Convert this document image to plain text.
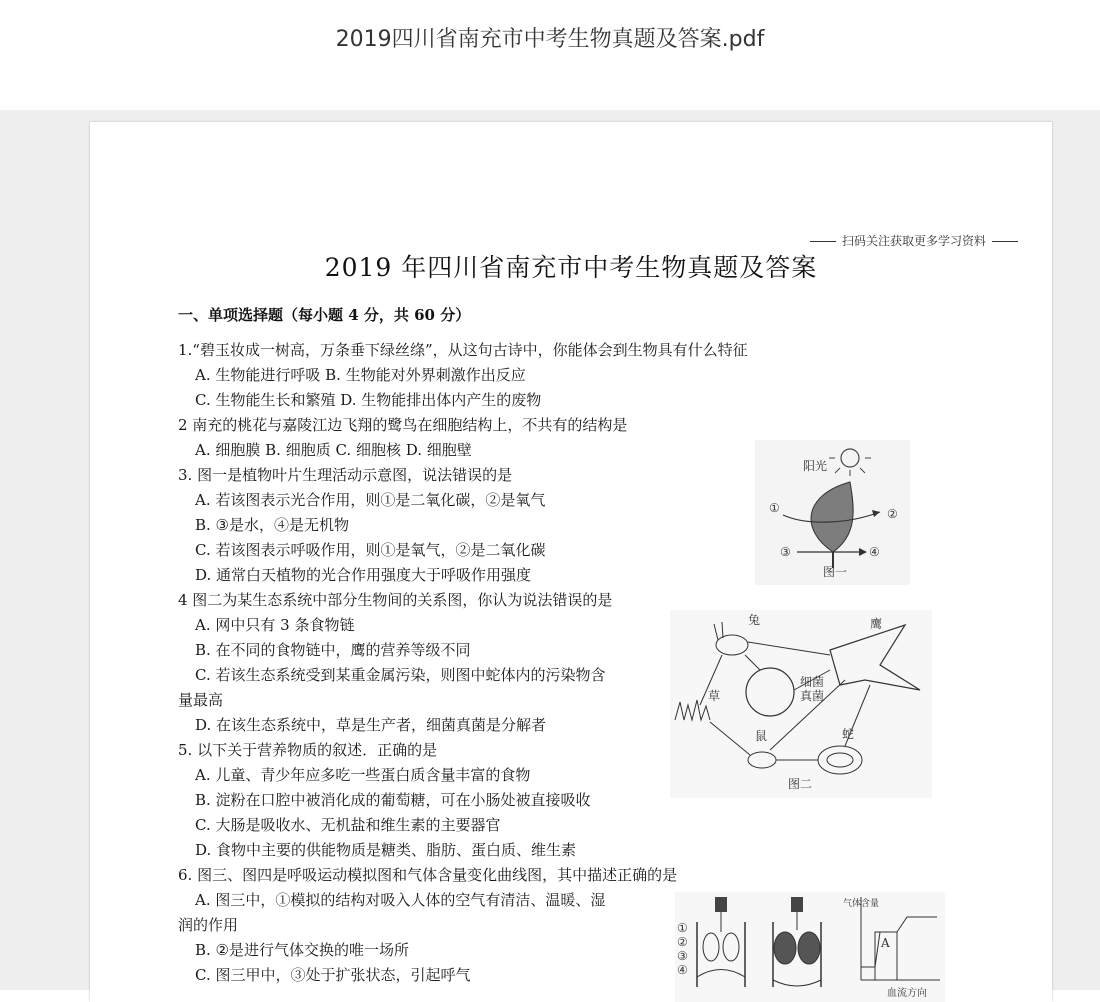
2019四川省南充市中考生物真题及答案.pdf
扫码关注获取更多学习资料
2019 年四川省南充市中考生物真题及答案
一、单项选择题（每小题 4 分，共 60 分）
1.“碧玉妆成一树高，万条垂下绿丝绦”，从这句古诗中，你能体会到生物具有什么特征
A. 生物能进行呼吸 B. 生物能对外界刺激作出反应
C. 生物能生长和繁殖 D. 生物能排出体内产生的废物
2 南充的桃花与嘉陵江边飞翔的鹭鸟在细胞结构上，不共有的结构是
A. 细胞膜 B. 细胞质 C. 细胞核 D. 细胞壁
3. 图一是植物叶片生理活动示意图，说法错误的是
A. 若该图表示光合作用，则①是二氧化碳，②是氧气
B. ③是水，④是无机物
C. 若该图表示呼吸作用，则①是氧气，②是二氧化碳
D. 通常白天植物的光合作用强度大于呼吸作用强度
4 图二为某生态系统中部分生物间的关系图，你认为说法错误的是
A. 网中只有 3 条食物链
B. 在不同的食物链中，鹰的营养等级不同
C. 若该生态系统受到某重金属污染，则图中蛇体内的污染物含
量最高
D. 在该生态系统中，草是生产者，细菌真菌是分解者
5. 以下关于营养物质的叙述．正确的是
A. 儿童、青少年应多吃一些蛋白质含量丰富的食物
B. 淀粉在口腔中被消化成的葡萄糖，可在小肠处被直接吸收
C. 大肠是吸收水、无机盐和维生素的主要器官
D. 食物中主要的供能物质是糖类、脂肪、蛋白质、维生素
6. 图三、图四是呼吸运动模拟图和气体含量变化曲线图，其中描述正确的是
A. 图三中，①模拟的结构对吸入人体的空气有清洁、温暖、湿
润的作用
B. ②是进行气体交换的唯一场所
C. 图三甲中，③处于扩张状态，引起呼气
阳光
①	②
③	④
图一
兔	鹰
细菌
真菌
草
鼠	蛇
图二
①
②
③
④
气体含量
A
血流方向
